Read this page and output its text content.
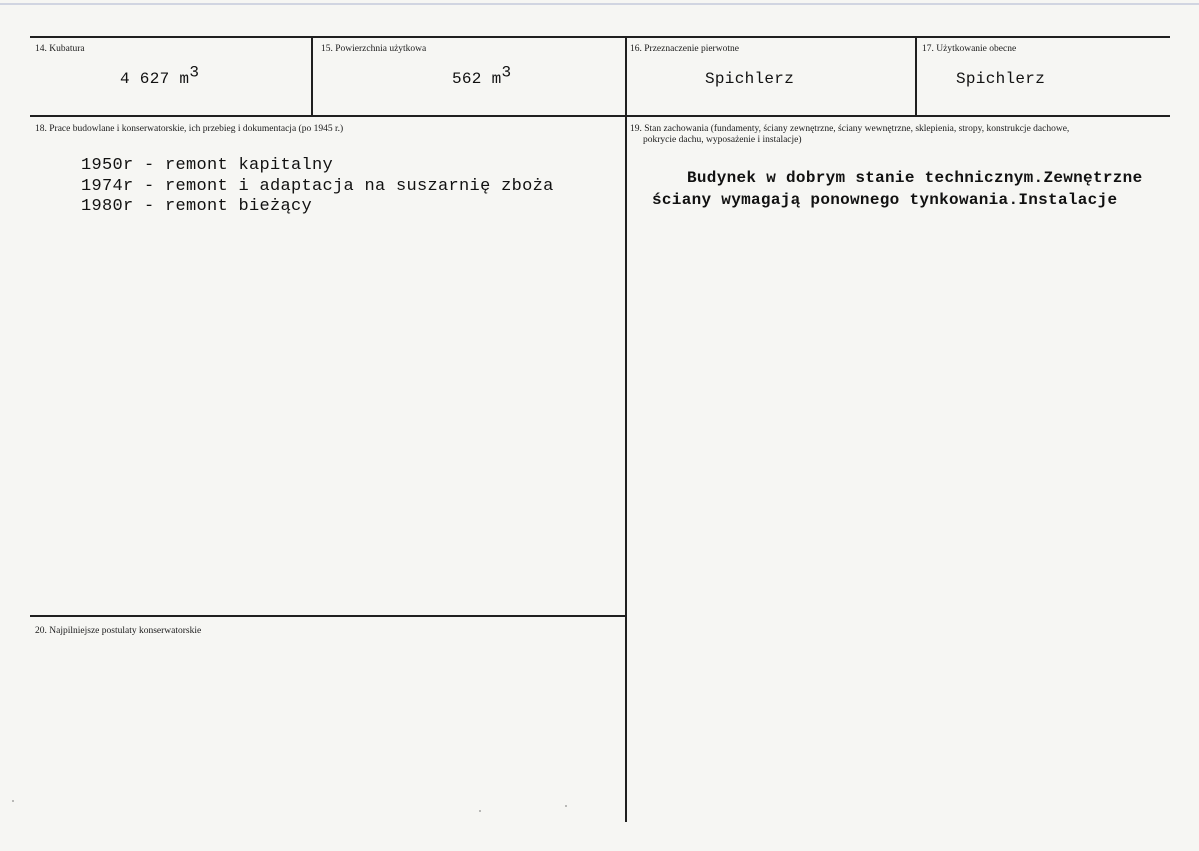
14. Kubatura
4 627 $m^3$
15. Powierzchnia użytkowa
562 $m^3$
16. Przeznaczenie pierwotne
Spichlerz
17. Użytkowanie obecne
Spichlerz
18. Prace budowlane i konserwatorskie, ich przebieg i dokumentacja (po 1945 r.)
1950r - remont kapitalny
1974r - remont i adaptacja na suszarnię zboża
1980r - remont bieżący
19. Stan zachowania (fundamenty, ściany zewnętrzne, ściany wewnętrzne, sklepienia, stropy, konstrukcje dachowe,
pokrycie dachu, wyposażenie i instalacje)
Budynek w dobrym stanie technicznym.Zewnętrzne
ściany wymagają ponownego tynkowania.Instalacje
20. Najpilniejsze postulaty konserwatorskie
